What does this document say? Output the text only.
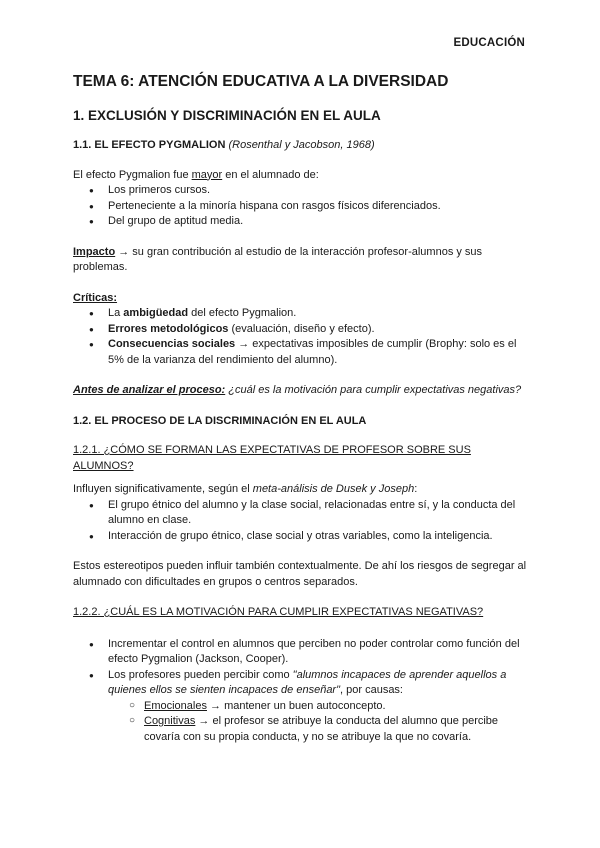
EDUCACIÓN
TEMA 6: ATENCIÓN EDUCATIVA A LA DIVERSIDAD
1. EXCLUSIÓN Y DISCRIMINACIÓN EN EL AULA
1.1. EL EFECTO PYGMALION (Rosenthal y Jacobson, 1968)

El efecto Pygmalion fue mayor en el alumnado de:

● Los primeros cursos.
● Perteneciente a la minoría hispana con rasgos físicos diferenciados.
● Del grupo de aptitud media.

Impacto → su gran contribución al estudio de la interacción profesor-alumnos y sus problemas.

Críticas:

● La ambigüedad del efecto Pygmalion.
● Errores metodológicos (evaluación, diseño y efecto).
● Consecuencias sociales → expectativas imposibles de cumplir (Brophy: solo es el 5% de la varianza del rendimiento del alumno).

Antes de analizar el proceso: ¿cuál es la motivación para cumplir expectativas negativas?

1.2. EL PROCESO DE LA DISCRIMINACIÓN EN EL AULA

1.2.1. ¿CÓMO SE FORMAN LAS EXPECTATIVAS DE PROFESOR SOBRE SUS ALUMNOS?

Influyen significativamente, según el meta-análisis de Dusek y Joseph:

● El grupo étnico del alumno y la clase social, relacionadas entre sí, y la conducta del alumno en clase.
● Interacción de grupo étnico, clase social y otras variables, como la inteligencia.

Estos estereotipos pueden influir también contextualmente. De ahí los riesgos de segregar al alumnado con dificultades en grupos o centros separados.

1.2.2. ¿CUÁL ES LA MOTIVACIÓN PARA CUMPLIR EXPECTATIVAS NEGATIVAS?

● Incrementar el control en alumnos que perciben no poder controlar como función del efecto Pygmalion (Jackson, Cooper).
● Los profesores pueden percibir como "alumnos incapaces de aprender aquellos a quienes ellos se sienten incapaces de enseñar", por causas:
○ Emocionales → mantener un buen autoconcepto.
○ Cognitivas → el profesor se atribuye la conducta del alumno que percibe covaría con su propia conducta, y no se atribuye la que no covaría.
